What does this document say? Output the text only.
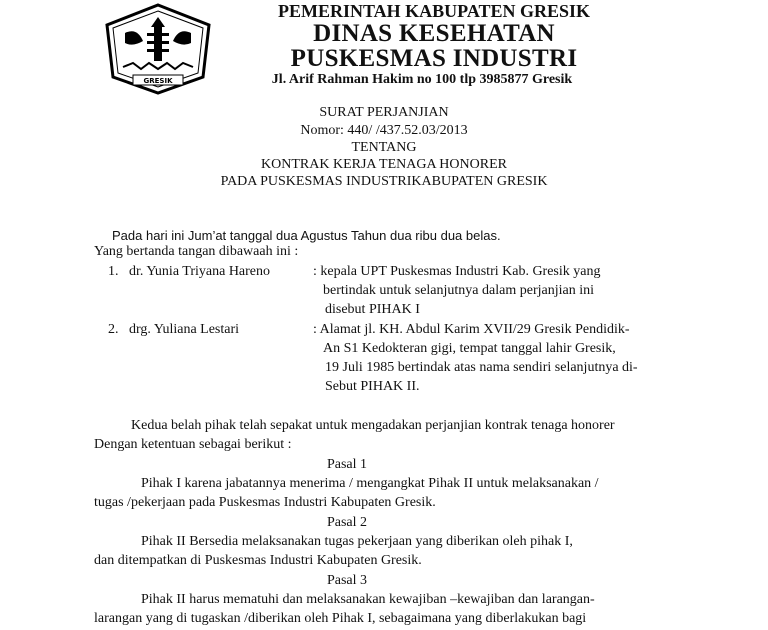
GRESIK
PEMERINTAH KABUPATEN GRESIK
DINAS KESEHATAN
PUSKESMAS INDUSTRI
Jl. Arif Rahman Hakim no 100 tlp 3985877 Gresik
SURAT PERJANJIAN
Nomor: 440/ /437.52.03/2013
TENTANG
KONTRAK KERJA TENAGA HONORER
PADA PUSKESMAS INDUSTRIKABUPATEN GRESIK
Pada hari ini Jum’at tanggal dua Agustus Tahun dua ribu dua belas.
Yang bertanda tangan dibawaah ini :
1. dr. Yunia Triyana Hareno	: kepala UPT Puskesmas Industri Kab. Gresik yang
bertindak untuk selanjutnya dalam perjanjian ini
disebut PIHAK I
2. drg. Yuliana Lestari	: Alamat jl. KH. Abdul Karim XVII/29 Gresik Pendidik-
An S1 Kedokteran gigi, tempat tanggal lahir Gresik,
19 Juli 1985 bertindak atas nama sendiri selanjutnya di-
Sebut PIHAK II.
Kedua belah pihak telah sepakat untuk mengadakan perjanjian kontrak tenaga honorer
Dengan ketentuan sebagai berikut :
Pasal 1
Pihak I karena jabatannya menerima / mengangkat Pihak II untuk melaksanakan /
tugas /pekerjaan pada Puskesmas Industri Kabupaten Gresik.
Pasal 2
Pihak II Bersedia melaksanakan tugas pekerjaan yang diberikan oleh pihak I,
dan ditempatkan di Puskesmas Industri Kabupaten Gresik.
Pasal 3
Pihak II harus mematuhi dan melaksanakan kewajiban –kewajiban dan larangan-
larangan yang di tugaskan /diberikan oleh Pihak I, sebagaimana yang diberlakukan bagi
